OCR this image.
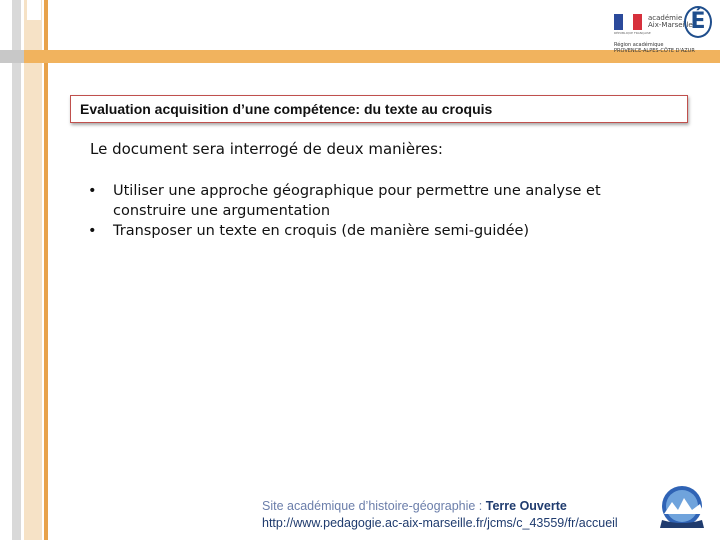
RÉPUBLIQUE FRANÇAISE
académie
Aix-Marseille
É
Région académique
PROVENCE-ALPES-CÔTE D'AZUR
Evaluation acquisition d’une compétence: du texte au croquis
Le document sera interrogé de deux manières:
• Utiliser une approche géographique pour permettre une analyse et construire une argumentation
• Transposer un texte en croquis (de manière semi-guidée)
Site académique d’histoire-géographie : Terre Ouverte
http://www.pedagogie.ac-aix-marseille.fr/jcms/c_43559/fr/accueil
